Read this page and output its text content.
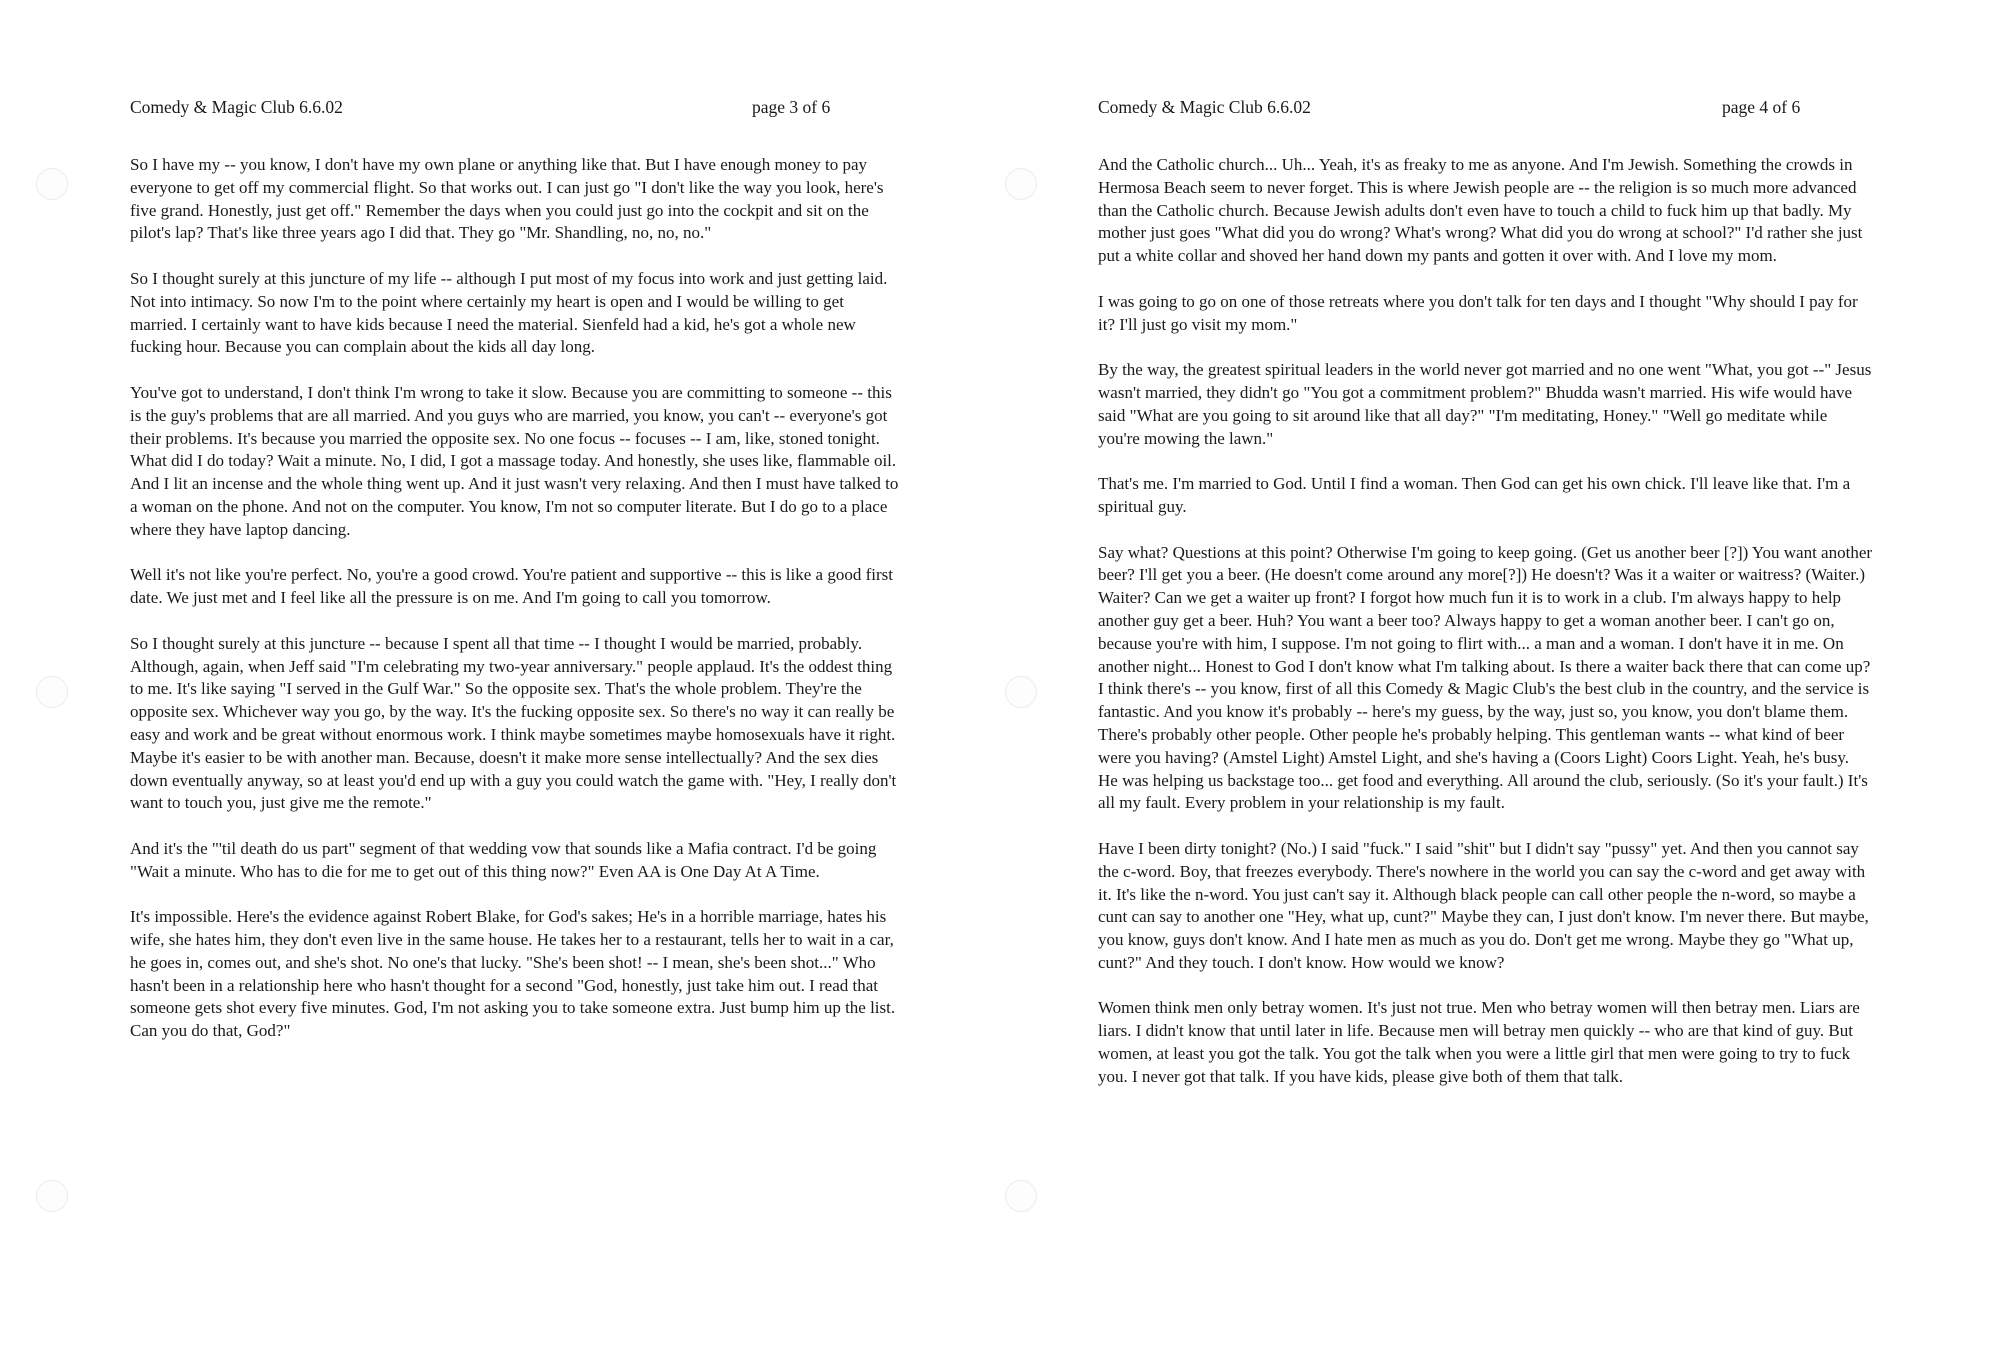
Comedy & Magic Club 6.6.02	page 3 of 6

So I have my -- you know, I don't have my own plane or anything like that. But I have enough money to pay everyone to get off my commercial flight. So that works out. I can just go "I don't like the way you look, here's five grand. Honestly, just get off." Remember the days when you could just go into the cockpit and sit on the pilot's lap? That's like three years ago I did that. They go "Mr. Shandling, no, no, no."

So I thought surely at this juncture of my life -- although I put most of my focus into work and just getting laid. Not into intimacy. So now I'm to the point where certainly my heart is open and I would be willing to get married. I certainly want to have kids because I need the material. Sienfeld had a kid, he's got a whole new fucking hour. Because you can complain about the kids all day long.

You've got to understand, I don't think I'm wrong to take it slow. Because you are committing to someone -- this is the guy's problems that are all married. And you guys who are married, you know, you can't -- everyone's got their problems. It's because you married the opposite sex. No one focus -- focuses -- I am, like, stoned tonight. What did I do today? Wait a minute. No, I did, I got a massage today. And honestly, she uses like, flammable oil. And I lit an incense and the whole thing went up. And it just wasn't very relaxing. And then I must have talked to a woman on the phone. And not on the computer. You know, I'm not so computer literate. But I do go to a place where they have laptop dancing.

Well it's not like you're perfect. No, you're a good crowd. You're patient and supportive -- this is like a good first date. We just met and I feel like all the pressure is on me. And I'm going to call you tomorrow.

So I thought surely at this juncture -- because I spent all that time -- I thought I would be married, probably. Although, again, when Jeff said "I'm celebrating my two-year anniversary." people applaud. It's the oddest thing to me. It's like saying "I served in the Gulf War." So the opposite sex. That's the whole problem. They're the opposite sex. Whichever way you go, by the way. It's the fucking opposite sex. So there's no way it can really be easy and work and be great without enormous work. I think maybe sometimes maybe homosexuals have it right. Maybe it's easier to be with another man. Because, doesn't it make more sense intellectually? And the sex dies down eventually anyway, so at least you'd end up with a guy you could watch the game with. "Hey, I really don't want to touch you, just give me the remote."

And it's the "'til death do us part" segment of that wedding vow that sounds like a Mafia contract. I'd be going "Wait a minute. Who has to die for me to get out of this thing now?" Even AA is One Day At A Time.

It's impossible. Here's the evidence against Robert Blake, for God's sakes; He's in a horrible marriage, hates his wife, she hates him, they don't even live in the same house. He takes her to a restaurant, tells her to wait in a car, he goes in, comes out, and she's shot. No one's that lucky. "She's been shot! -- I mean, she's been shot..." Who hasn't been in a relationship here who hasn't thought for a second "God, honestly, just take him out. I read that someone gets shot every five minutes. God, I'm not asking you to take someone extra. Just bump him up the list. Can you do that, God?"

Comedy & Magic Club 6.6.02	page 4 of 6

And the Catholic church... Uh... Yeah, it's as freaky to me as anyone. And I'm Jewish. Something the crowds in Hermosa Beach seem to never forget. This is where Jewish people are -- the religion is so much more advanced than the Catholic church. Because Jewish adults don't even have to touch a child to fuck him up that badly. My mother just goes "What did you do wrong? What's wrong? What did you do wrong at school?" I'd rather she just put a white collar and shoved her hand down my pants and gotten it over with. And I love my mom.

I was going to go on one of those retreats where you don't talk for ten days and I thought "Why should I pay for it? I'll just go visit my mom."

By the way, the greatest spiritual leaders in the world never got married and no one went "What, you got --" Jesus wasn't married, they didn't go "You got a commitment problem?" Bhudda wasn't married. His wife would have said "What are you going to sit around like that all day?" "I'm meditating, Honey." "Well go meditate while you're mowing the lawn."

That's me. I'm married to God. Until I find a woman. Then God can get his own chick. I'll leave like that. I'm a spiritual guy.

Say what? Questions at this point? Otherwise I'm going to keep going. (Get us another beer [?]) You want another beer? I'll get you a beer. (He doesn't come around any more[?]) He doesn't? Was it a waiter or waitress? (Waiter.) Waiter? Can we get a waiter up front? I forgot how much fun it is to work in a club. I'm always happy to help another guy get a beer. Huh? You want a beer too? Always happy to get a woman another beer. I can't go on, because you're with him, I suppose. I'm not going to flirt with... a man and a woman. I don't have it in me. On another night... Honest to God I don't know what I'm talking about. Is there a waiter back there that can come up? I think there's -- you know, first of all this Comedy & Magic Club's the best club in the country, and the service is fantastic. And you know it's probably -- here's my guess, by the way, just so, you know, you don't blame them. There's probably other people. Other people he's probably helping. This gentleman wants -- what kind of beer were you having? (Amstel Light) Amstel Light, and she's having a (Coors Light) Coors Light. Yeah, he's busy. He was helping us backstage too... get food and everything. All around the club, seriously. (So it's your fault.) It's all my fault. Every problem in your relationship is my fault.

Have I been dirty tonight? (No.) I said "fuck." I said "shit" but I didn't say "pussy" yet. And then you cannot say the c-word. Boy, that freezes everybody. There's nowhere in the world you can say the c-word and get away with it. It's like the n-word. You just can't say it. Although black people can call other people the n-word, so maybe a cunt can say to another one "Hey, what up, cunt?" Maybe they can, I just don't know. I'm never there. But maybe, you know, guys don't know. And I hate men as much as you do. Don't get me wrong. Maybe they go "What up, cunt?" And they touch. I don't know. How would we know?

Women think men only betray women. It's just not true. Men who betray women will then betray men. Liars are liars. I didn't know that until later in life. Because men will betray men quickly -- who are that kind of guy. But women, at least you got the talk. You got the talk when you were a little girl that men were going to try to fuck you. I never got that talk. If you have kids, please give both of them that talk.
